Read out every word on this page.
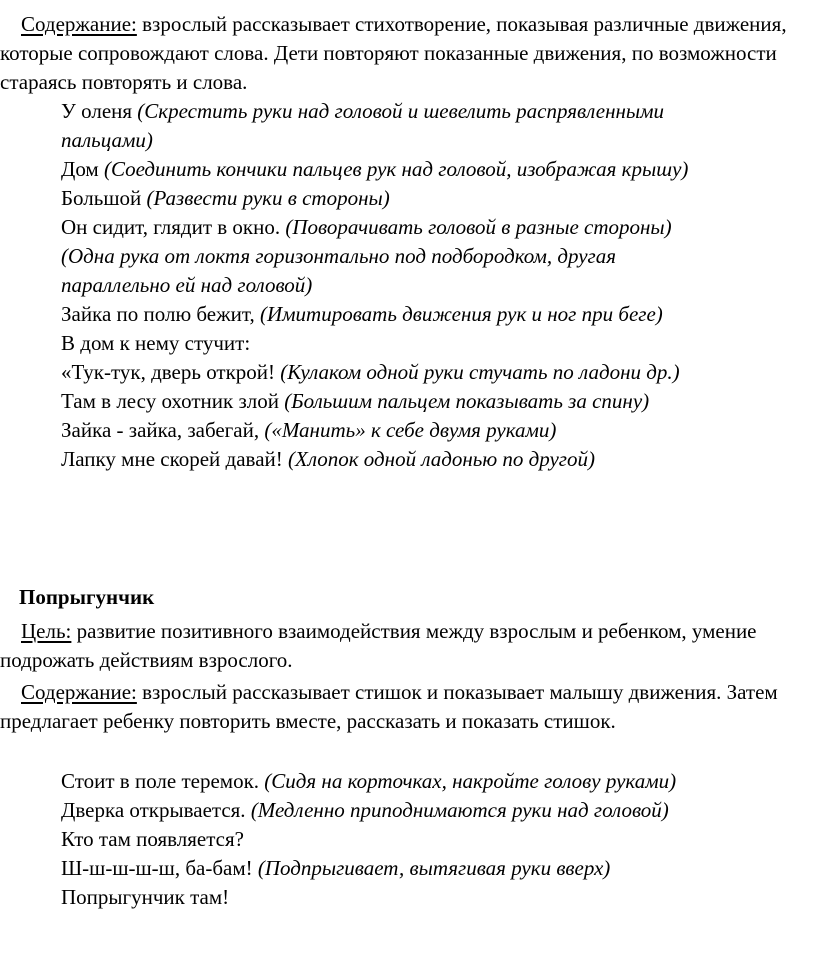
Содержание: взрослый рассказывает стихотворение, показывая различные движения, которые сопровождают слова. Дети повторяют показанные движения, по возможности стараясь повторять и слова.

У оленя (Скрестить руки над головой и шевелить распрявленными пальцами)

Дом (Соединить кончики пальцев рук над головой, изображая крышу)

Большой (Развести руки в стороны)

Он сидит, глядит в окно. (Поворачивать головой в разные стороны)

(Одна рука от локтя горизонтально под подбородком, другая параллельно ей над головой)

Зайка по полю бежит, (Имитировать движения рук и ног при беге)

В дом к нему стучит:

«Тук-тук, дверь открой! (Кулаком одной руки стучать по ладони др.)

Там в лесу охотник злой (Большим пальцем показывать за спину)

Зайка - зайка, забегай, («Манить» к себе двумя руками)

Лапку мне скорей давай! (Хлопок одной ладонью по другой)

Попрыгунчик

Цель: развитие позитивного взаимодействия между взрослым и ребенком, умение подрожать действиям взрослого.

Содержание: взрослый рассказывает стишок и показывает малышу движения. Затем предлагает ребенку повторить вместе, рассказать и показать стишок.

Стоит в поле теремок. (Сидя на корточках, накройте голову руками)

Дверка открывается. (Медленно приподнимаются руки над головой)

Кто там появляется?

Ш-ш-ш-ш-ш, ба-бам! (Подпрыгивает, вытягивая руки вверх)

Попрыгунчик там!
